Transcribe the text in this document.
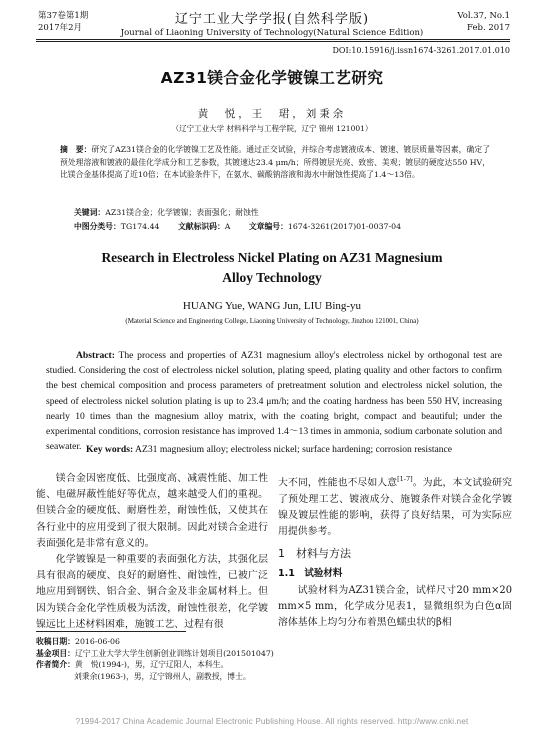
第37卷第1期
2017年2月
辽宁工业大学学报(自然科学版)
Journal of Liaoning University of Technology(Natural Science Edition)
Vol.37, No.1
Feb. 2017
DOI:10.15916/j.issn1674-3261.2017.01.010
AZ31镁合金化学镀镍工艺研究
黄　悦，王　珺，刘秉余
（辽宁工业大学 材料科学与工程学院，辽宁 锦州 121001）
摘　要：研究了AZ31镁合金的化学镀镍工艺及性能。通过正交试验，并综合考虑镀液成本、镀速、镀层质量等因素，确定了预处理溶液和镀液的最佳化学成分和工艺参数，其镀速达23.4 μm/h；所得镀层光亮、致密、美观；镀层的硬度达550 HV，比镁合金基体提高了近10倍；在本试验条件下，在氨水、碳酸钠溶液和海水中耐蚀性提高了1.4～13倍。
关键词：AZ31镁合金；化学镀镍；表面强化；耐蚀性
中图分类号：TG174.44 文献标识码：A 文章编号：1674-3261(2017)01-0037-04
Research in Electroless Nickel Plating on AZ31 Magnesium
Alloy Technology
HUANG Yue, WANG Jun, LIU Bing-yu
(Material Science and Engineering College, Liaoning University of Technology, Jinzhou 121001, China)
Abstract: The process and properties of AZ31 magnesium alloy's electroless nickel by orthogonal test are studied. Considering the cost of electroless nickel solution, plating speed, plating quality and other factors to confirm the best chemical composition and process parameters of pretreatment solution and electroless nickel solution, the speed of electroless nickel solution plating is up to 23.4 μm/h; and the coating hardness has been 550 HV, increasing nearly 10 times than the magnesium alloy matrix, with the coating bright, compact and beautiful; under the experimental conditions, corrosion resistance has improved 1.4～13 times in ammonia, sodium carbonate solution and seawater. Key words: AZ31 magnesium alloy; electroless nickel; surface hardening; corrosion resistance
镁合金因密度低、比强度高、减震性能、加工性能、电磁屏蔽性能好等优点，越来越受人们的重视。但镁合金的硬度低、耐磨性差，耐蚀性低，又使其在各行业中的应用受到了很大限制。因此对镁合金进行表面强化是非常有意义的。
化学镀镍是一种重要的表面强化方法，其强化层具有很高的硬度、良好的耐磨性、耐蚀性，已被广泛地应用到钢铁、铝合金、铜合金及非金属材料上。但因为镁合金化学性质极为活泼，耐蚀性很差，化学镀镍远比上述材料困难，施镀工艺、过程有很
大不同，性能也不尽如人意[1-7]。为此，本文试验研究了预处理工艺、镀液成分、施镀条件对镁合金化学镀镍及镀层性能的影响，获得了良好结果，可为实际应用提供参考。
1　材料与方法
1.1　试验材料
试验材料为AZ31镁合金，试样尺寸20 mm×20 mm×5 mm，化学成分见表1，显微组织为白色α固溶体基体上均匀分布着黑色蠕虫状的β相
收稿日期：2016-06-06
基金项目：辽宁工业大学大学生创新创业训练计划项目(201501047)
作者简介：黄　悦(1994-)，男，辽宁辽阳人，本科生。
刘秉余(1963-)，男，辽宁锦州人，副教授，博士。
?1994-2017 China Academic Journal Electronic Publishing House. All rights reserved. http://www.cnki.net
